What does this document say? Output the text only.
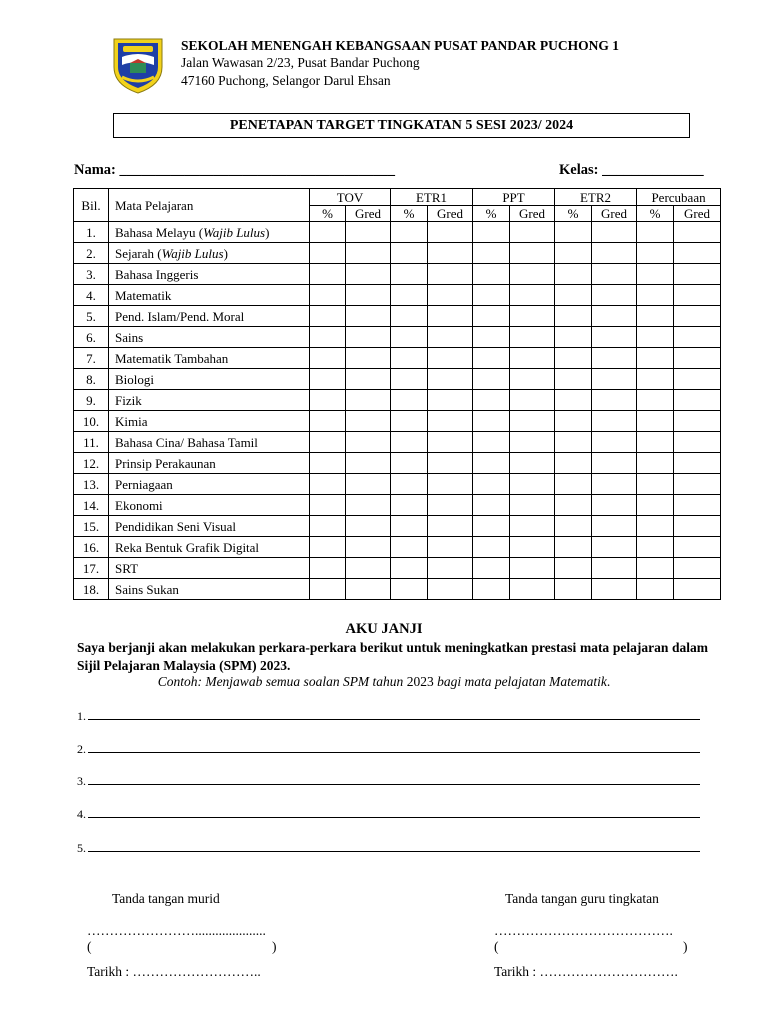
SEKOLAH MENENGAH KEBANGSAAN PUSAT PANDAR PUCHONG 1
Jalan Wawasan 2/23, Pusat Bandar Puchong
47160 Puchong, Selangor Darul Ehsan
PENETAPAN TARGET TINGKATAN 5 SESI 2023/ 2024
Nama: ______________________________________	Kelas: ______________
Bil.	Mata Pelajaran	TOV		ETR1		PPT		ETR2		Percubaan	
		%	Gred	%	Gred	%	Gred	%	Gred	%	Gred
1.	Bahasa Melayu (Wajib Lulus)										
2.	Sejarah (Wajib Lulus)										
3.	Bahasa Inggeris										
4.	Matematik										
5.	Pend. Islam/Pend. Moral										
6.	Sains										
7.	Matematik Tambahan										
8.	Biologi										
9.	Fizik										
10.	Kimia										
11.	Bahasa Cina/ Bahasa Tamil										
12.	Prinsip Perakaunan										
13.	Perniagaan										
14.	Ekonomi										
15.	Pendidikan Seni Visual										
16.	Reka Bentuk Grafik Digital										
17.	SRT										
18.	Sains Sukan										
AKU JANJI
Saya berjanji akan melakukan perkara-perkara berikut untuk meningkatkan prestasi mata pelajaran dalam Sijil Pelajaran Malaysia (SPM) 2023.
Contoh: Menjawab semua soalan SPM tahun 2023 bagi mata pelajatan Matematik.
1.
2.
3.
4.
5.
Tanda tangan murid	Tanda tangan guru tingkatan
…………………….....................	………………………………….
(	)	(	)
Tarikh : ………………………..	Tarikh : ………………………….
